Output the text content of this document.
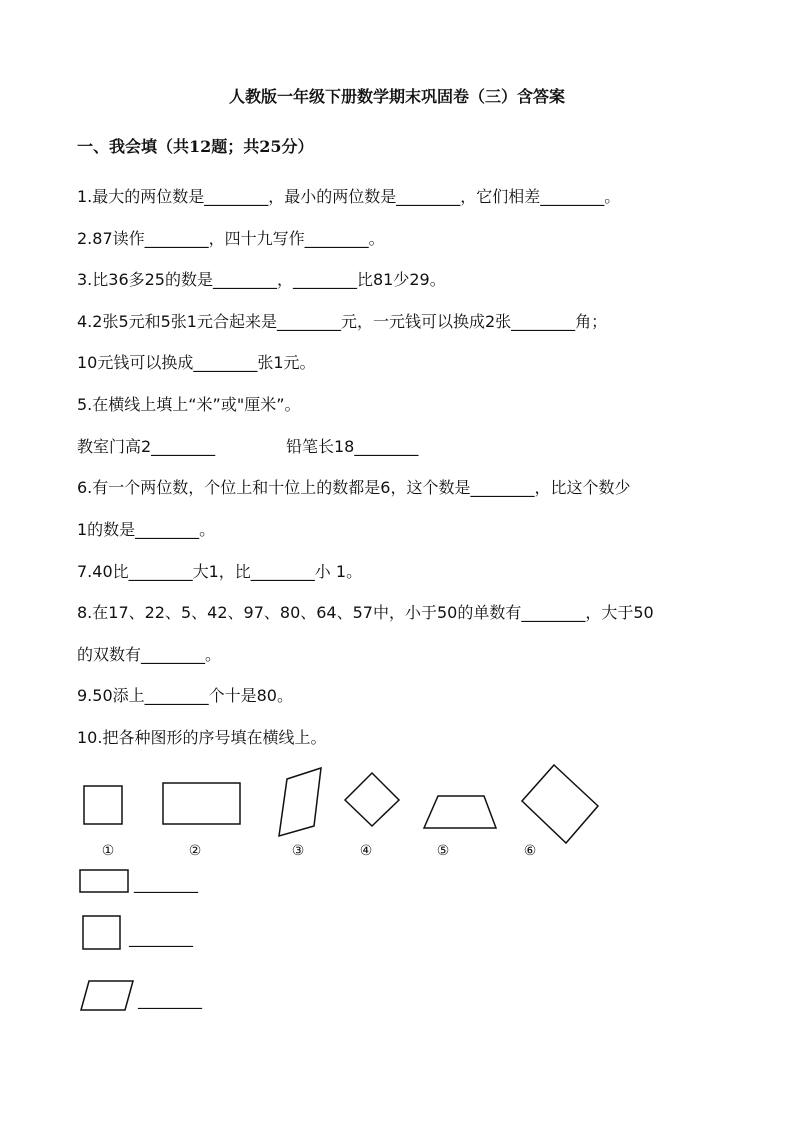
人教版一年级下册数学期末巩固卷（三）含答案

一、我会填（共12题；共25分）

1.最大的两位数是________，最小的两位数是________，它们相差________。

2.87读作________，四十九写作________。

3.比36多25的数是________，________比81少29。

4.2张5元和5张1元合起来是________元，一元钱可以换成2张________角；

10元钱可以换成________张1元。

5.在横线上填上“米”或"厘米”。

教室门高2________	铅笔长18________

6.有一个两位数，个位上和十位上的数都是6，这个数是________，比这个数少

1的数是________。

7.40比________大1，比________小 1。

8.在17、22、5、42、97、80、64、57中，小于50的单数有________，大于50

的双数有________。

9.50添上________个十是80。

10.把各种图形的序号填在横线上。

①	②	③	④	⑤	⑥

________

________

________
